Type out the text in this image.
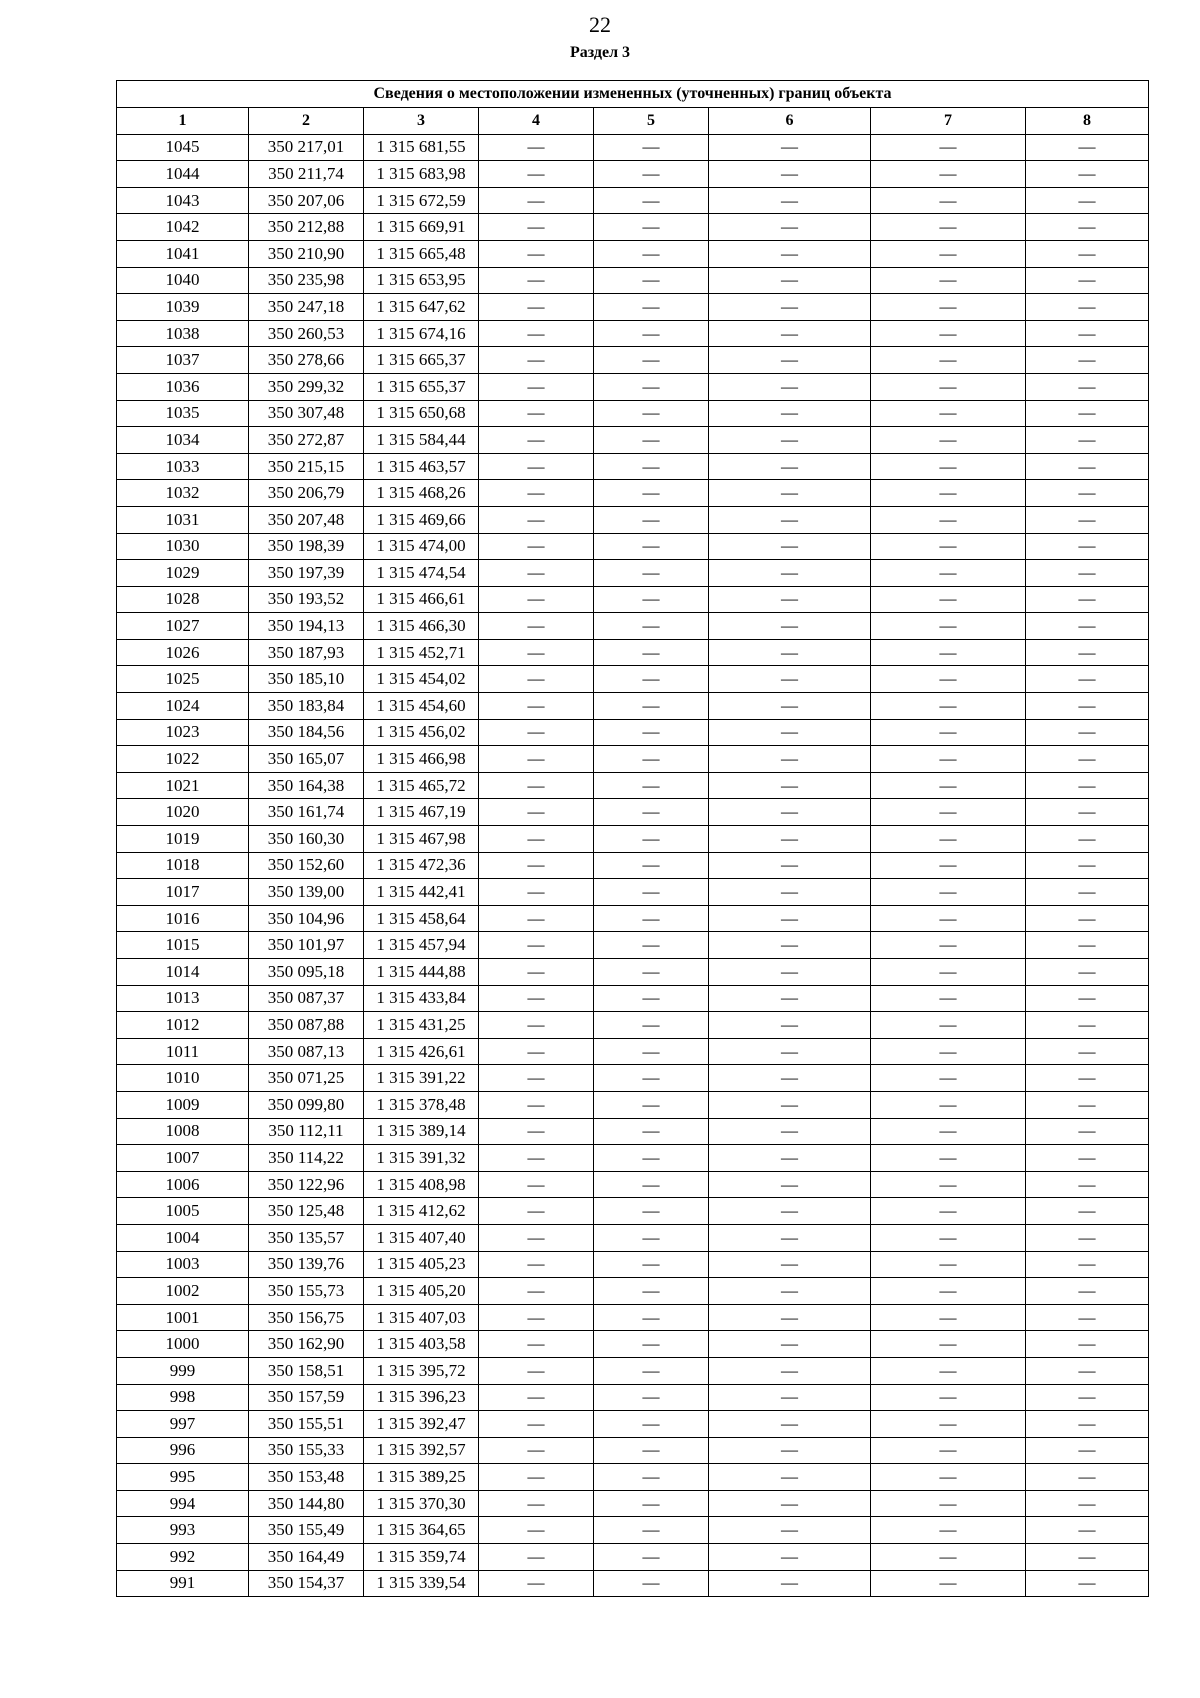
22
Раздел 3
Сведения о местоположении измененных (уточненных) границ объекта							
1	2	3	4	5	6	7	8
1045	350 217,01	1 315 681,55	—	—	—	—	—
1044	350 211,74	1 315 683,98	—	—	—	—	—
1043	350 207,06	1 315 672,59	—	—	—	—	—
1042	350 212,88	1 315 669,91	—	—	—	—	—
1041	350 210,90	1 315 665,48	—	—	—	—	—
1040	350 235,98	1 315 653,95	—	—	—	—	—
1039	350 247,18	1 315 647,62	—	—	—	—	—
1038	350 260,53	1 315 674,16	—	—	—	—	—
1037	350 278,66	1 315 665,37	—	—	—	—	—
1036	350 299,32	1 315 655,37	—	—	—	—	—
1035	350 307,48	1 315 650,68	—	—	—	—	—
1034	350 272,87	1 315 584,44	—	—	—	—	—
1033	350 215,15	1 315 463,57	—	—	—	—	—
1032	350 206,79	1 315 468,26	—	—	—	—	—
1031	350 207,48	1 315 469,66	—	—	—	—	—
1030	350 198,39	1 315 474,00	—	—	—	—	—
1029	350 197,39	1 315 474,54	—	—	—	—	—
1028	350 193,52	1 315 466,61	—	—	—	—	—
1027	350 194,13	1 315 466,30	—	—	—	—	—
1026	350 187,93	1 315 452,71	—	—	—	—	—
1025	350 185,10	1 315 454,02	—	—	—	—	—
1024	350 183,84	1 315 454,60	—	—	—	—	—
1023	350 184,56	1 315 456,02	—	—	—	—	—
1022	350 165,07	1 315 466,98	—	—	—	—	—
1021	350 164,38	1 315 465,72	—	—	—	—	—
1020	350 161,74	1 315 467,19	—	—	—	—	—
1019	350 160,30	1 315 467,98	—	—	—	—	—
1018	350 152,60	1 315 472,36	—	—	—	—	—
1017	350 139,00	1 315 442,41	—	—	—	—	—
1016	350 104,96	1 315 458,64	—	—	—	—	—
1015	350 101,97	1 315 457,94	—	—	—	—	—
1014	350 095,18	1 315 444,88	—	—	—	—	—
1013	350 087,37	1 315 433,84	—	—	—	—	—
1012	350 087,88	1 315 431,25	—	—	—	—	—
1011	350 087,13	1 315 426,61	—	—	—	—	—
1010	350 071,25	1 315 391,22	—	—	—	—	—
1009	350 099,80	1 315 378,48	—	—	—	—	—
1008	350 112,11	1 315 389,14	—	—	—	—	—
1007	350 114,22	1 315 391,32	—	—	—	—	—
1006	350 122,96	1 315 408,98	—	—	—	—	—
1005	350 125,48	1 315 412,62	—	—	—	—	—
1004	350 135,57	1 315 407,40	—	—	—	—	—
1003	350 139,76	1 315 405,23	—	—	—	—	—
1002	350 155,73	1 315 405,20	—	—	—	—	—
1001	350 156,75	1 315 407,03	—	—	—	—	—
1000	350 162,90	1 315 403,58	—	—	—	—	—
999	350 158,51	1 315 395,72	—	—	—	—	—
998	350 157,59	1 315 396,23	—	—	—	—	—
997	350 155,51	1 315 392,47	—	—	—	—	—
996	350 155,33	1 315 392,57	—	—	—	—	—
995	350 153,48	1 315 389,25	—	—	—	—	—
994	350 144,80	1 315 370,30	—	—	—	—	—
993	350 155,49	1 315 364,65	—	—	—	—	—
992	350 164,49	1 315 359,74	—	—	—	—	—
991	350 154,37	1 315 339,54	—	—	—	—	—
